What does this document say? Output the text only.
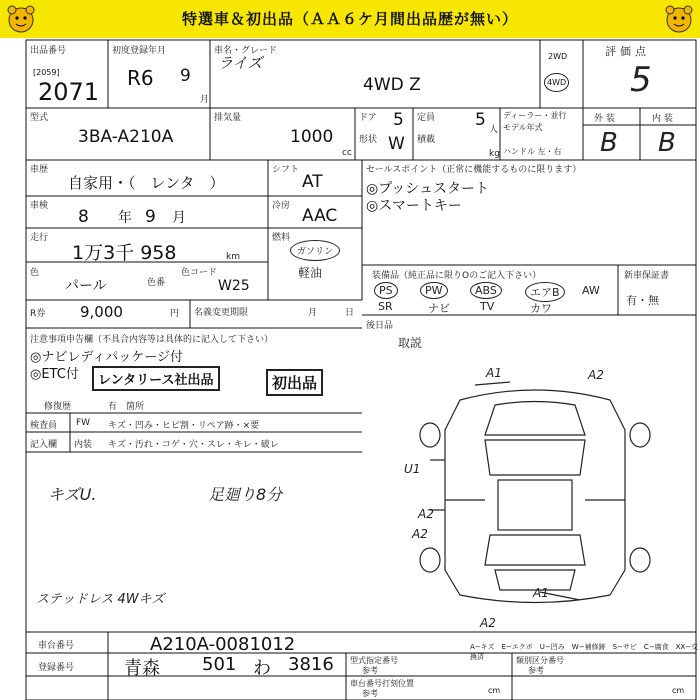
特選車＆初出品（ＡＡ６ケ月間出品歴が無い）
出品番号
[2059]
2071
初度登録年月
R6 9
月
車名・グレード
ライズ
4WD Z
2WD
4WD
評価点
5
型式
3BA-A210A
排気量
1000
cc
ドア 5
形状 W
定員 5 人
積載
kg
ディーラー・並行
モデル年式
ハンドル 左・右
外装	内装
B B
車歴
自家用・（　レンタ　）
シフト
AT
車検
8 年 9 月
冷房 AAC
走行
1万3千 958	km
燃料
ガソリン
軽油
色
パール	色番
色コード
W25
R券 9,000	円 名義変更期限	月	日
セールスポイント（正常に機能するものに限ります）
◎プッシュスタート
◎スマートキー
装備品（純正品に限りOのご記入下さい）
PS	PW	ABS	エアB	AW
SR	ナビ	TV	カワ
新車保証書
有・無
後日品
取説
注意事項申告欄（不具合内容等は具体的に記入して下さい）
◎ナビレディパッケージ付
◎ETC付	レンタリース社出品	初出品
修復歴	有 箇所
検査員
記入欄
FW キズ・凹み・ヒビ割・リペア跡・×要
内装 キズ・汚れ・コゲ・穴・スレ・キレ・破レ
キズU.	足廻り8分
ステッドレス 4Wキズ
A1	A2
U1
A2
A2
A1
A2
A−キズ　E−エクボ　U−凹み　W−補修跡　S−サビ　C−腐食　XX−交換済
車台番号	A210A-0081012
登録番号	青森 501 わ 3816 型式指定番号
参考
類別区分番号
参考
車台番号打刻位置
参考	cm	cm
